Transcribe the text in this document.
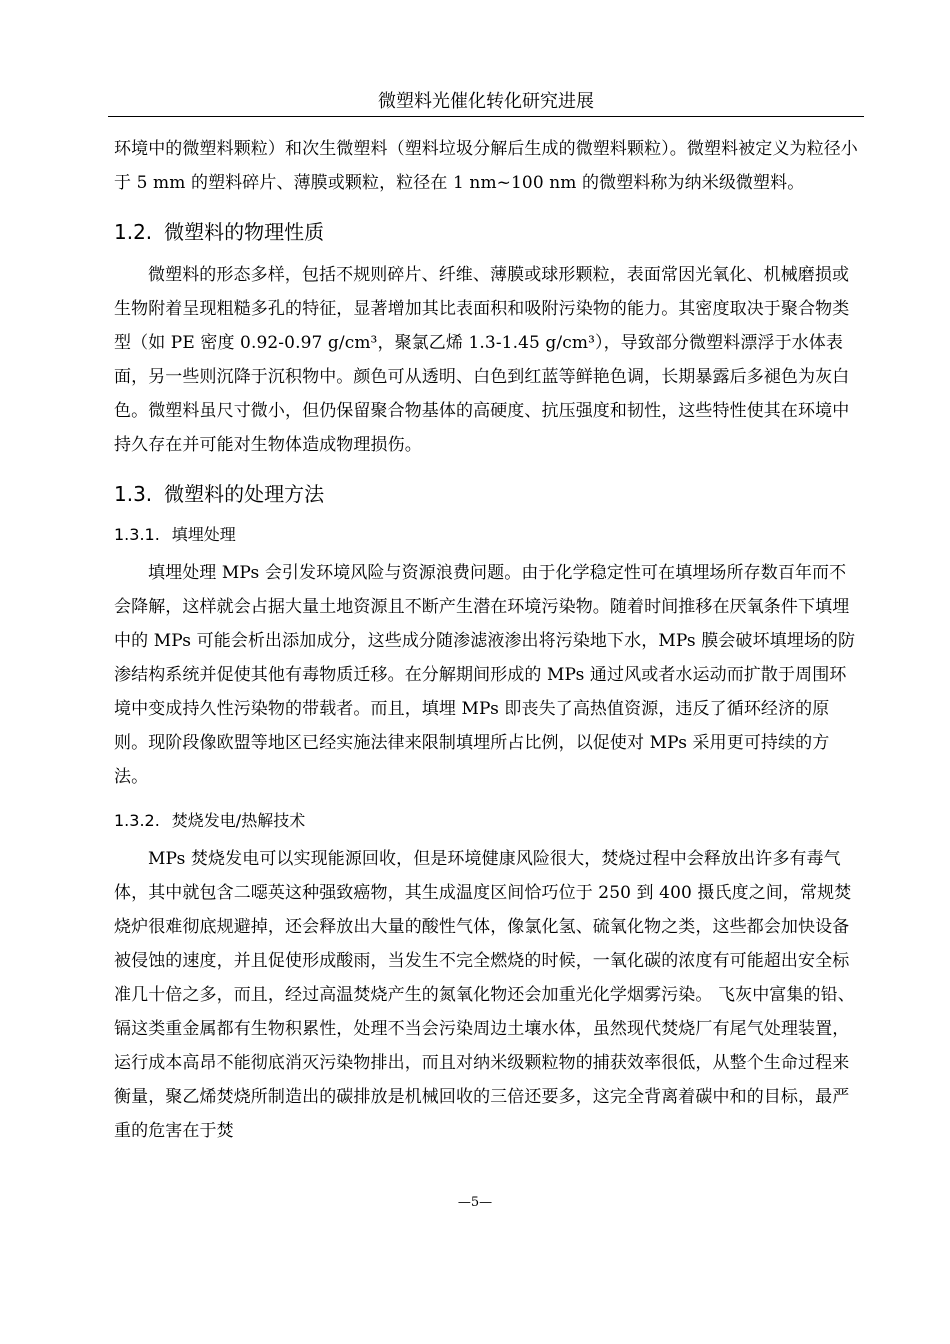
微塑料光催化转化研究进展

环境中的微塑料颗粒）和次生微塑料（塑料垃圾分解后生成的微塑料颗粒）。微塑料被定义为粒径小于 5 mm 的塑料碎片、薄膜或颗粒，粒径在 1 nm~100 nm 的微塑料称为纳米级微塑料。

1.2. 微塑料的物理性质

微塑料的形态多样，包括不规则碎片、纤维、薄膜或球形颗粒，表面常因光氧化、机械磨损或生物附着呈现粗糙多孔的特征，显著增加其比表面积和吸附污染物的能力。其密度取决于聚合物类型（如 PE 密度 0.92-0.97 g/cm³，聚氯乙烯 1.3-1.45 g/cm³），导致部分微塑料漂浮于水体表面，另一些则沉降于沉积物中。颜色可从透明、白色到红蓝等鲜艳色调，长期暴露后多褪色为灰白色。微塑料虽尺寸微小，但仍保留聚合物基体的高硬度、抗压强度和韧性，这些特性使其在环境中持久存在并可能对生物体造成物理损伤。

1.3. 微塑料的处理方法
1.3.1. 填埋处理

填埋处理 MPs 会引发环境风险与资源浪费问题。由于化学稳定性可在填埋场所存数百年而不会降解，这样就会占据大量土地资源且不断产生潜在环境污染物。随着时间推移在厌氧条件下填埋中的 MPs 可能会析出添加成分，这些成分随渗滤液渗出将污染地下水，MPs 膜会破坏填埋场的防渗结构系统并促使其他有毒物质迁移。在分解期间形成的 MPs 通过风或者水运动而扩散于周围环境中变成持久性污染物的带载者。而且，填埋 MPs 即丧失了高热值资源，违反了循环经济的原则。现阶段像欧盟等地区已经实施法律来限制填埋所占比例，以促使对 MPs 采用更可持续的方法。

1.3.2. 焚烧发电/热解技术

MPs 焚烧发电可以实现能源回收，但是环境健康风险很大，焚烧过程中会释放出许多有毒气体，其中就包含二噁英这种强致癌物，其生成温度区间恰巧位于 250 到 400 摄氏度之间，常规焚烧炉很难彻底规避掉，还会释放出大量的酸性气体，像氯化氢、硫氧化物之类，这些都会加快设备被侵蚀的速度，并且促使形成酸雨，当发生不完全燃烧的时候，一氧化碳的浓度有可能超出安全标准几十倍之多，而且，经过高温焚烧产生的氮氧化物还会加重光化学烟雾污染。 飞灰中富集的铅、镉这类重金属都有生物积累性，处理不当会污染周边土壤水体，虽然现代焚烧厂有尾气处理装置，运行成本高昂不能彻底消灭污染物排出，而且对纳米级颗粒物的捕获效率很低，从整个生命过程来衡量，聚乙烯焚烧所制造出的碳排放是机械回收的三倍还要多，这完全背离着碳中和的目标，最严重的危害在于焚

—5—
